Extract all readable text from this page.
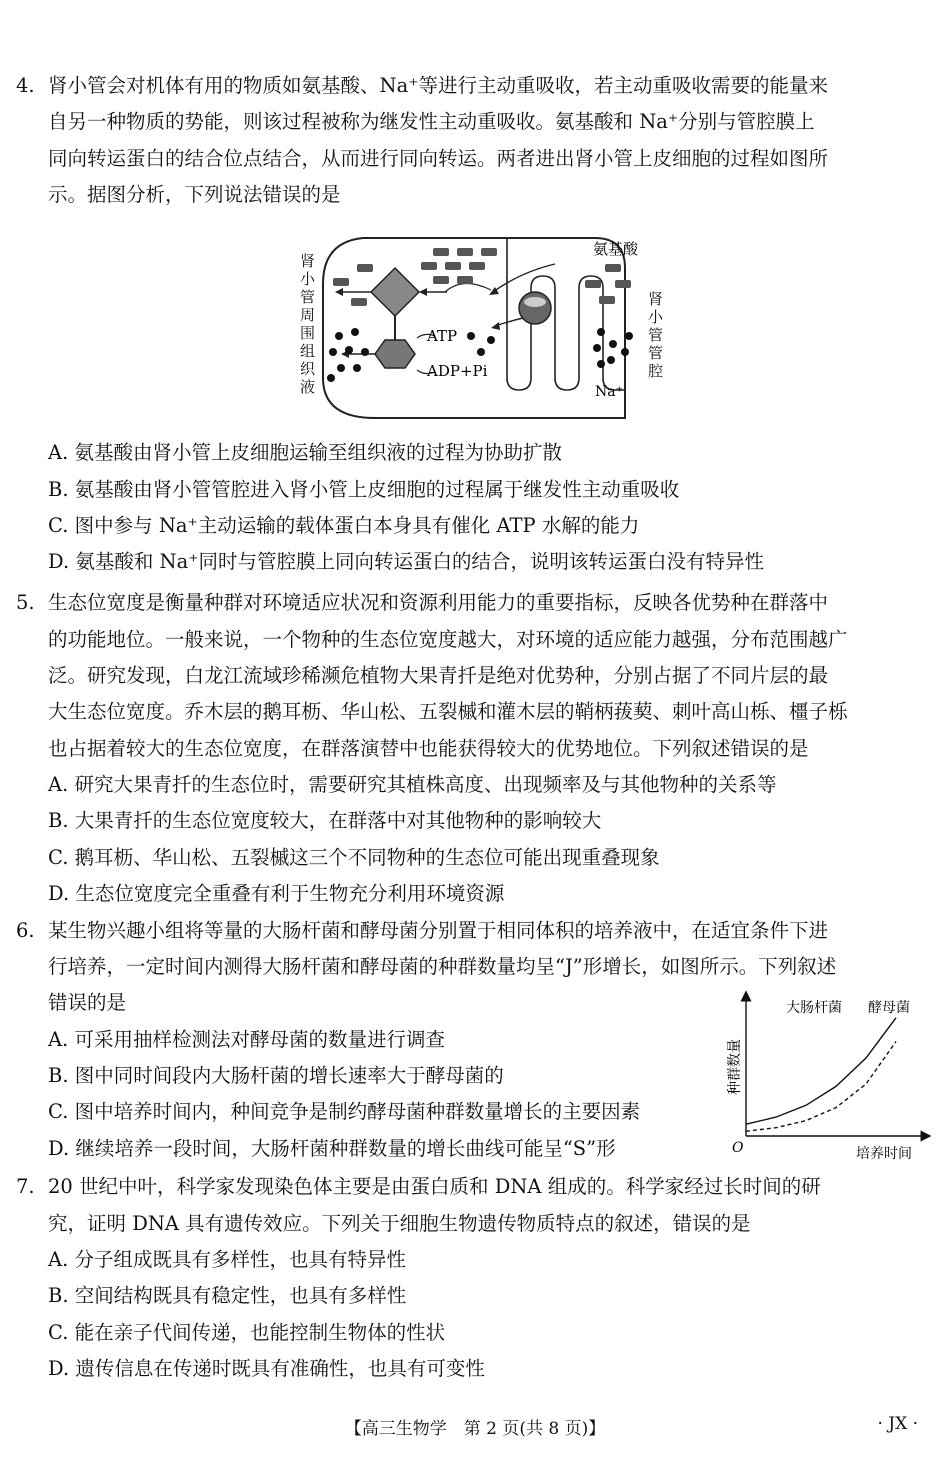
4. 肾小管会对机体有用的物质如氨基酸、Na⁺等进行主动重吸收，若主动重吸收需要的能量来
自另一种物质的势能，则该过程被称为继发性主动重吸收。氨基酸和 Na⁺分别与管腔膜上
同向转运蛋白的结合位点结合，从而进行同向转运。两者进出肾小管上皮细胞的过程如图所
示。据图分析，下列说法错误的是
ATP
ADP+Pi
Na⁺
氨基酸
肾小管周围组织液
肾小管管腔
A. 氨基酸由肾小管上皮细胞运输至组织液的过程为协助扩散
B. 氨基酸由肾小管管腔进入肾小管上皮细胞的过程属于继发性主动重吸收
C. 图中参与 Na⁺主动运输的载体蛋白本身具有催化 ATP 水解的能力
D. 氨基酸和 Na⁺同时与管腔膜上同向转运蛋白的结合，说明该转运蛋白没有特异性
5. 生态位宽度是衡量种群对环境适应状况和资源利用能力的重要指标，反映各优势种在群落中
的功能地位。一般来说，一个物种的生态位宽度越大，对环境的适应能力越强，分布范围越广
泛。研究发现，白龙江流域珍稀濒危植物大果青扦是绝对优势种，分别占据了不同片层的最
大生态位宽度。乔木层的鹅耳枥、华山松、五裂槭和灌木层的鞘柄菝葜、刺叶高山栎、橿子栎
也占据着较大的生态位宽度，在群落演替中也能获得较大的优势地位。下列叙述错误的是
A. 研究大果青扦的生态位时，需要研究其植株高度、出现频率及与其他物种的关系等
B. 大果青扦的生态位宽度较大，在群落中对其他物种的影响较大
C. 鹅耳枥、华山松、五裂槭这三个不同物种的生态位可能出现重叠现象
D. 生态位宽度完全重叠有利于生物充分利用环境资源
6. 某生物兴趣小组将等量的大肠杆菌和酵母菌分别置于相同体积的培养液中，在适宜条件下进
行培养，一定时间内测得大肠杆菌和酵母菌的种群数量均呈“J”形增长，如图所示。下列叙述
错误的是
A. 可采用抽样检测法对酵母菌的数量进行调查
B. 图中同时间段内大肠杆菌的增长速率大于酵母菌的
C. 图中培养时间内，种间竞争是制约酵母菌种群数量增长的主要因素
D. 继续培养一段时间，大肠杆菌种群数量的增长曲线可能呈“S”形	O	培养时间
种群数量
大肠杆菌 酵母菌
7. 20 世纪中叶，科学家发现染色体主要是由蛋白质和 DNA 组成的。科学家经过长时间的研
究，证明 DNA 具有遗传效应。下列关于细胞生物遗传物质特点的叙述，错误的是
A. 分子组成既具有多样性，也具有特异性
B. 空间结构既具有稳定性，也具有多样性
C. 能在亲子代间传递，也能控制生物体的性状
D. 遗传信息在传递时既具有准确性，也具有可变性
【高三生物学　第 2 页(共 8 页)】	· JX ·
